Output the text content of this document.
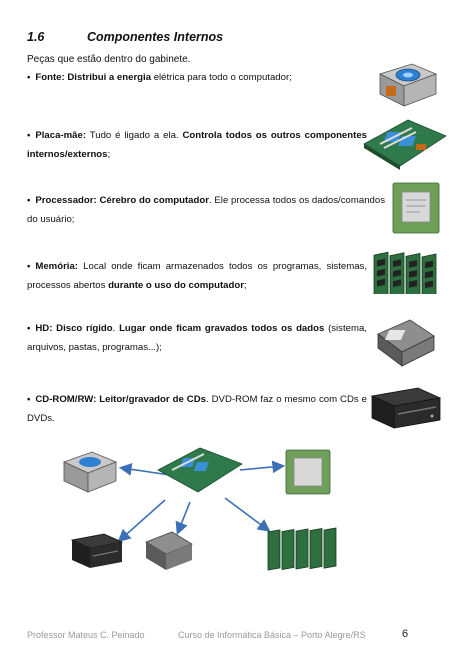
1.6	Componentes Internos
Peças que estão dentro do gabinete.
• Fonte: Distribui a energia elétrica para todo o computador;
• Placa-mãe: Tudo é ligado a ela. Controla todos os outros componentes internos/externos;
• Processador: Cérebro do computador. Ele processa todos os dados/comandos do usuário;
• Memória: Local onde ficam armazenados todos os programas, sistemas, processos abertos durante o uso do computador;
• HD: Disco rígido. Lugar onde ficam gravados todos os dados (sistema, arquivos, pastas, programas...);
• CD-ROM/RW: Leitor/gravador de CDs. DVD-ROM faz o mesmo com CDs e DVDs.
Professor Mateus C. Peinado	Curso de Informática Básica – Porto Alegre/RS	6
